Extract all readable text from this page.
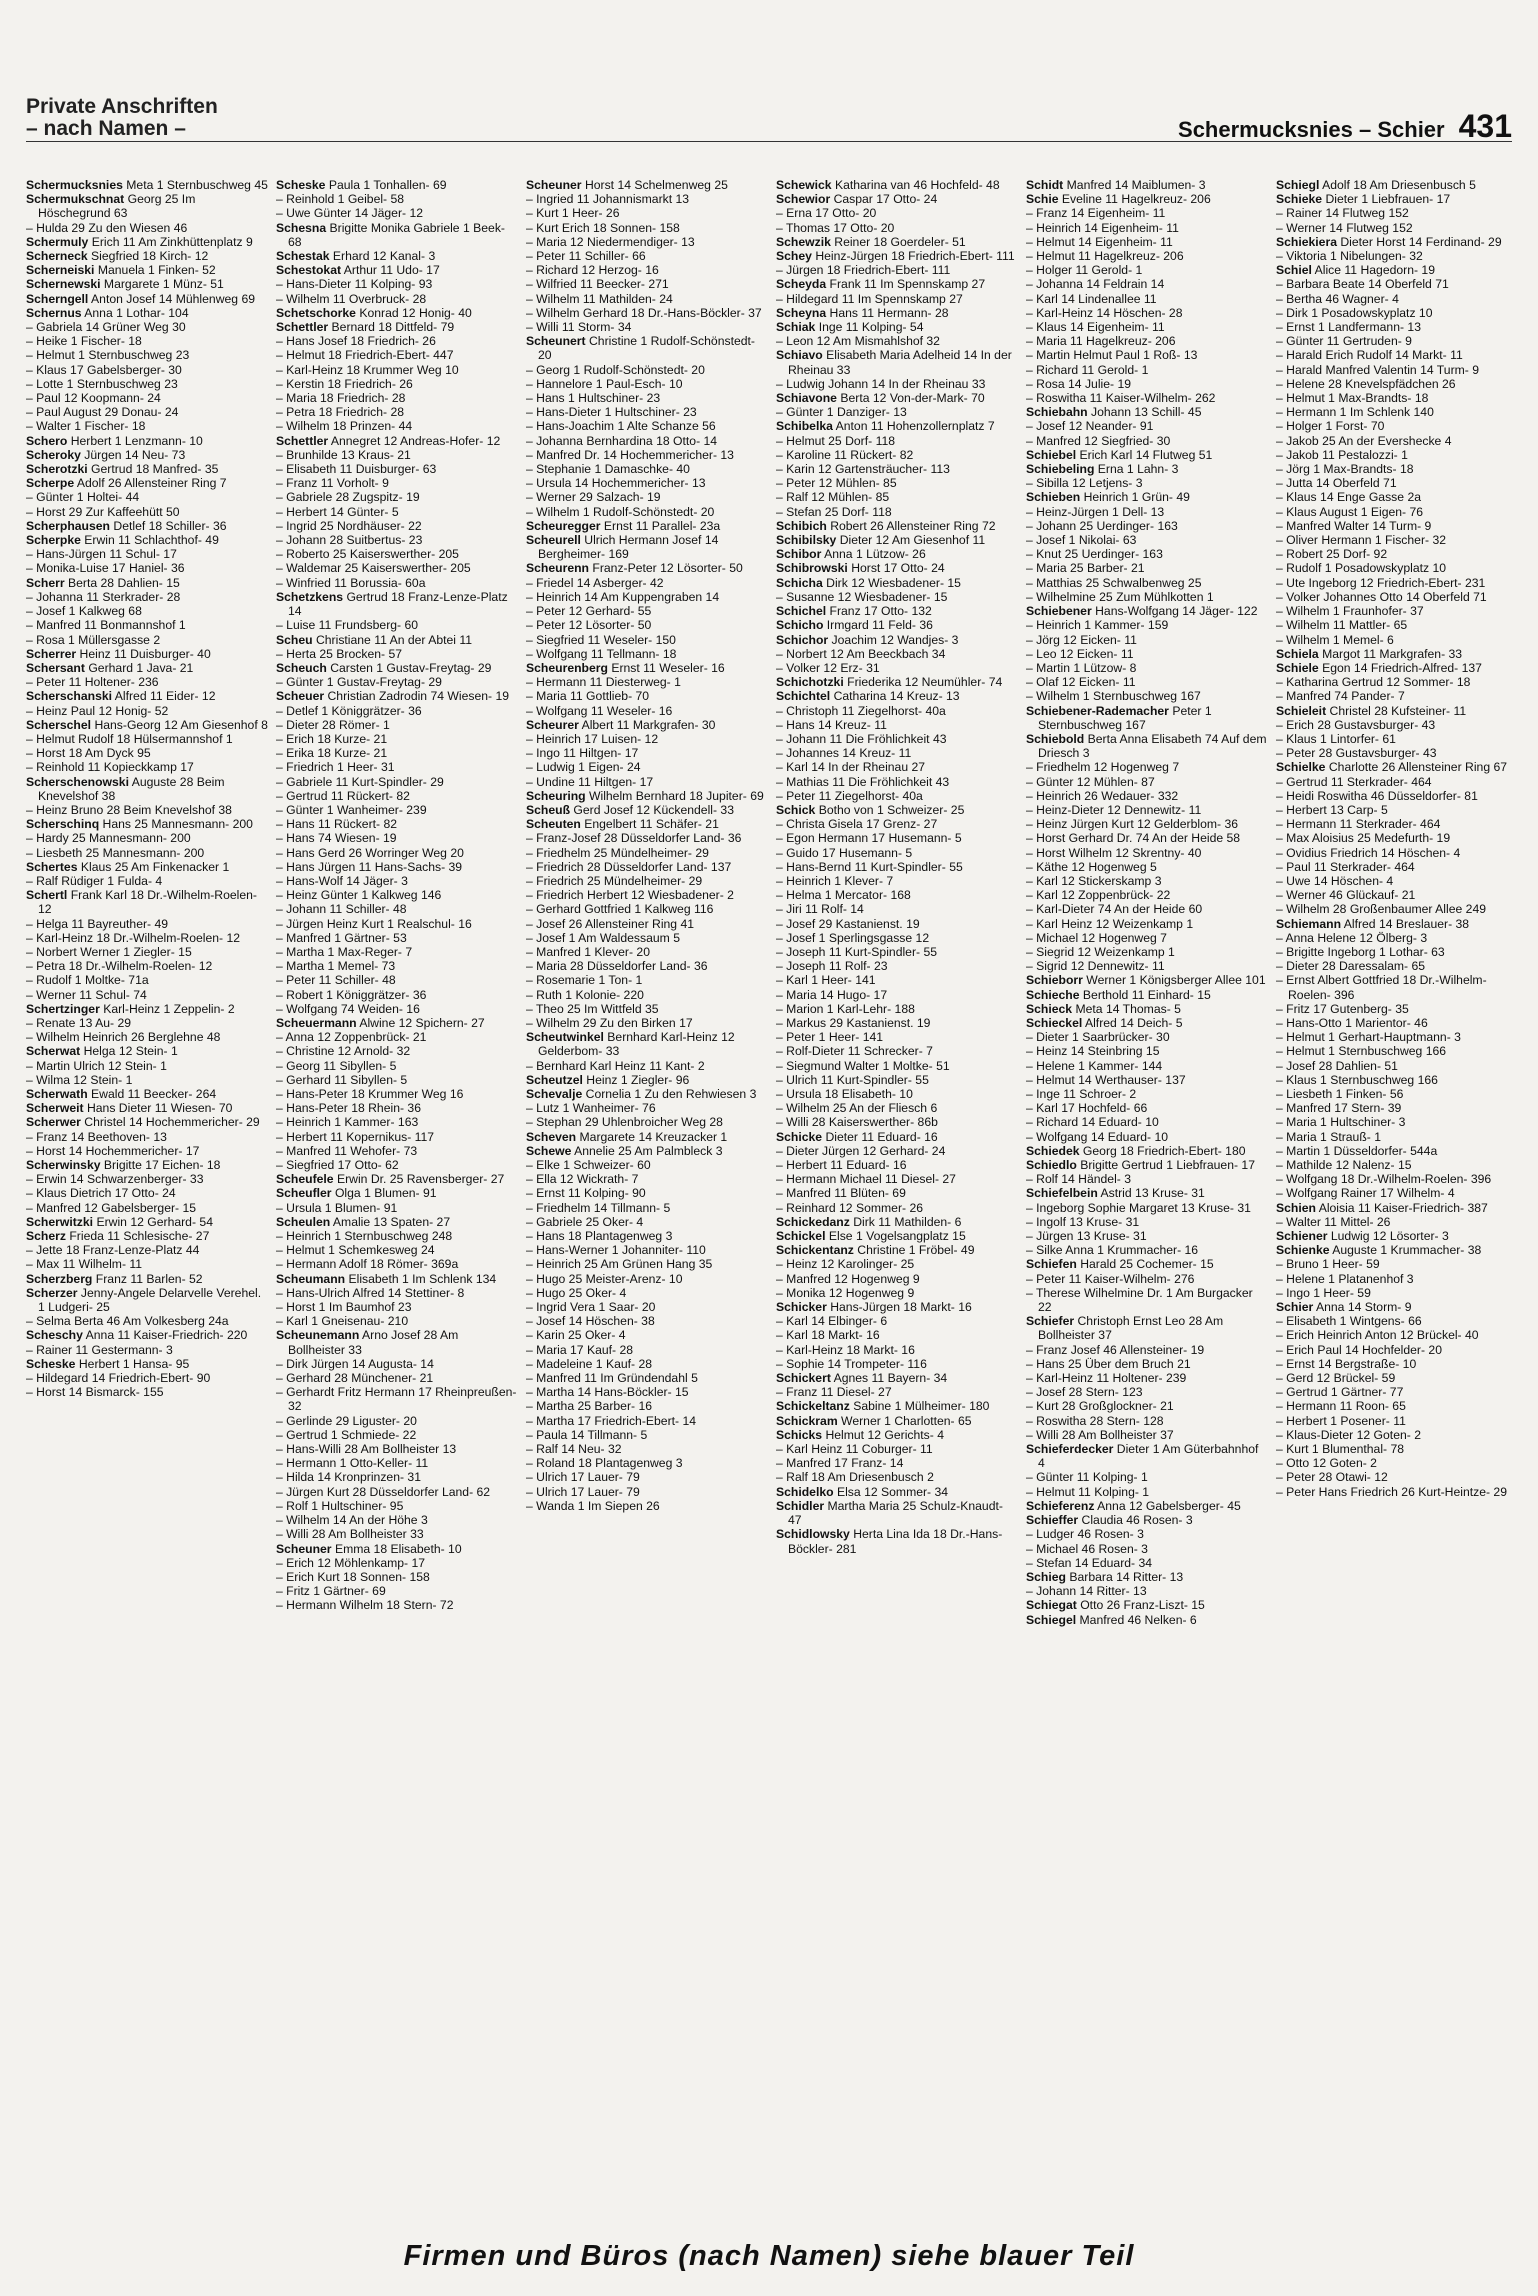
Private Anschriften
– nach Namen –	Schermucksnies – Schier 431

Schermucksnies Meta 1 Sternbuschweg 45

Schermukschnat Georg 25 Im Höschegrund 63

– Hulda 29 Zu den Wiesen 46

Schermuly Erich 11 Am Zinkhüttenplatz 9

Scherneck Siegfried 18 Kirch- 12

Scherneiski Manuela 1 Finken- 52

Schernewski Margarete 1 Münz- 51

Scherngell Anton Josef 14 Mühlenweg 69

Schernus Anna 1 Lothar- 104

– Gabriela 14 Grüner Weg 30

– Heike 1 Fischer- 18

– Helmut 1 Sternbuschweg 23

– Klaus 17 Gabelsberger- 30

– Lotte 1 Sternbuschweg 23

– Paul 12 Koopmann- 24

– Paul August 29 Donau- 24

– Walter 1 Fischer- 18

Schero Herbert 1 Lenzmann- 10

Scheroky Jürgen 14 Neu- 73

Scherotzki Gertrud 18 Manfred- 35

Scherpe Adolf 26 Allensteiner Ring 7

– Günter 1 Holtei- 44

– Horst 29 Zur Kaffeehütt 50

Scherphausen Detlef 18 Schiller- 36

Scherpke Erwin 11 Schlachthof- 49

– Hans-Jürgen 11 Schul- 17

– Monika-Luise 17 Haniel- 36

Scherr Berta 28 Dahlien- 15

– Johanna 11 Sterkrader- 28

– Josef 1 Kalkweg 68

– Manfred 11 Bonmannshof 1

– Rosa 1 Müllersgasse 2

Scherrer Heinz 11 Duisburger- 40

Schersant Gerhard 1 Java- 21

– Peter 11 Holtener- 236

Scherschanski Alfred 11 Eider- 12

– Heinz Paul 12 Honig- 52

Scherschel Hans-Georg 12 Am Giesenhof 8

– Helmut Rudolf 18 Hülsermannshof 1

– Horst 18 Am Dyck 95

– Reinhold 11 Kopieckkamp 17

Scherschenowski Auguste 28 Beim Knevelshof 38

– Heinz Bruno 28 Beim Knevelshof 38

Scherschinq Hans 25 Mannesmann- 200

– Hardy 25 Mannesmann- 200

– Liesbeth 25 Mannesmann- 200

Schertes Klaus 25 Am Finkenacker 1

– Ralf Rüdiger 1 Fulda- 4

Schertl Frank Karl 18 Dr.-Wilhelm-Roelen- 12

– Helga 11 Bayreuther- 49

– Karl-Heinz 18 Dr.-Wilhelm-Roelen- 12

– Norbert Werner 1 Ziegler- 15

– Petra 18 Dr.-Wilhelm-Roelen- 12

– Rudolf 1 Moltke- 71a

– Werner 11 Schul- 74

Schertzinger Karl-Heinz 1 Zeppelin- 2

– Renate 13 Au- 29

– Wilhelm Heinrich 26 Berglehne 48

Scherwat Helga 12 Stein- 1

– Martin Ulrich 12 Stein- 1

– Wilma 12 Stein- 1

Scherwath Ewald 11 Beecker- 264

Scherweit Hans Dieter 11 Wiesen- 70

Scherwer Christel 14 Hochemmericher- 29

– Franz 14 Beethoven- 13

– Horst 14 Hochemmericher- 17

Scherwinsky Brigitte 17 Eichen- 18

– Erwin 14 Schwarzenberger- 33

– Klaus Dietrich 17 Otto- 24

– Manfred 12 Gabelsberger- 15

Scherwitzki Erwin 12 Gerhard- 54

Scherz Frieda 11 Schlesische- 27

– Jette 18 Franz-Lenze-Platz 44

– Max 11 Wilhelm- 11

Scherzberg Franz 11 Barlen- 52

Scherzer Jenny-Angele Delarvelle Verehel. 1 Ludgeri- 25

– Selma Berta 46 Am Volkesberg 24a

Scheschy Anna 11 Kaiser-Friedrich- 220

– Rainer 11 Gestermann- 3

Scheske Herbert 1 Hansa- 95

– Hildegard 14 Friedrich-Ebert- 90

– Horst 14 Bismarck- 155

Scheske Paula 1 Tonhallen- 69

– Reinhold 1 Geibel- 58

– Uwe Günter 14 Jäger- 12

Schesna Brigitte Monika Gabriele 1 Beek- 68

Schestak Erhard 12 Kanal- 3

Schestokat Arthur 11 Udo- 17

– Hans-Dieter 11 Kolping- 93

– Wilhelm 11 Overbruck- 28

Schetschorke Konrad 12 Honig- 40

Schettler Bernard 18 Dittfeld- 79

– Hans Josef 18 Friedrich- 26

– Helmut 18 Friedrich-Ebert- 447

– Karl-Heinz 18 Krummer Weg 10

– Kerstin 18 Friedrich- 26

– Maria 18 Friedrich- 28

– Petra 18 Friedrich- 28

– Wilhelm 18 Prinzen- 44

Schettler Annegret 12 Andreas-Hofer- 12

– Brunhilde 13 Kraus- 21

– Elisabeth 11 Duisburger- 63

– Franz 11 Vorholt- 9

– Gabriele 28 Zugspitz- 19

– Herbert 14 Günter- 5

– Ingrid 25 Nordhäuser- 22

– Johann 28 Suitbertus- 23

– Roberto 25 Kaiserswerther- 205

– Waldemar 25 Kaiserswerther- 205

– Winfried 11 Borussia- 60a

Schetzkens Gertrud 18 Franz-Lenze-Platz 14

– Luise 11 Frundsberg- 60

Scheu Christiane 11 An der Abtei 11

– Herta 25 Brocken- 57

Scheuch Carsten 1 Gustav-Freytag- 29

– Günter 1 Gustav-Freytag- 29

Scheuer Christian Zadrodin 74 Wiesen- 19

– Detlef 1 Königgrätzer- 36

– Dieter 28 Römer- 1

– Erich 18 Kurze- 21

– Erika 18 Kurze- 21

– Friedrich 1 Heer- 31

– Gabriele 11 Kurt-Spindler- 29

– Gertrud 11 Rückert- 82

– Günter 1 Wanheimer- 239

– Hans 11 Rückert- 82

– Hans 74 Wiesen- 19

– Hans Gerd 26 Worringer Weg 20

– Hans Jürgen 11 Hans-Sachs- 39

– Hans-Wolf 14 Jäger- 3

– Heinz Günter 1 Kalkweg 146

– Johann 11 Schiller- 48

– Jürgen Heinz Kurt 1 Realschul- 16

– Manfred 1 Gärtner- 53

– Martha 1 Max-Reger- 7

– Martha 1 Memel- 73

– Peter 11 Schiller- 48

– Robert 1 Königgrätzer- 36

– Wolfgang 74 Weiden- 16

Scheuermann Alwine 12 Spichern- 27

– Anna 12 Zoppenbrück- 21

– Christine 12 Arnold- 32

– Georg 11 Sibyllen- 5

– Gerhard 11 Sibyllen- 5

– Hans-Peter 18 Krummer Weg 16

– Hans-Peter 18 Rhein- 36

– Heinrich 1 Kammer- 163

– Herbert 11 Kopernikus- 117

– Manfred 11 Wehofer- 73

– Siegfried 17 Otto- 62

Scheufele Erwin Dr. 25 Ravensberger- 27

Scheufler Olga 1 Blumen- 91

– Ursula 1 Blumen- 91

Scheulen Amalie 13 Spaten- 27

– Heinrich 1 Sternbuschweg 248

– Helmut 1 Schemkesweg 24

– Hermann Adolf 18 Römer- 369a

Scheumann Elisabeth 1 Im Schlenk 134

– Hans-Ulrich Alfred 14 Stettiner- 8

– Horst 1 Im Baumhof 23

– Karl 1 Gneisenau- 210

Scheunemann Arno Josef 28 Am Bollheister 33

– Dirk Jürgen 14 Augusta- 14

– Gerhard 28 Münchener- 21

– Gerhardt Fritz Hermann 17 Rheinpreußen- 32

– Gerlinde 29 Liguster- 20

– Gertrud 1 Schmiede- 22

– Hans-Willi 28 Am Bollheister 13

– Hermann 1 Otto-Keller- 11

– Hilda 14 Kronprinzen- 31

– Jürgen Kurt 28 Düsseldorfer Land- 62

– Rolf 1 Hultschiner- 95

– Wilhelm 14 An der Höhe 3

– Willi 28 Am Bollheister 33

Scheuner Emma 18 Elisabeth- 10

– Erich 12 Möhlenkamp- 17

– Erich Kurt 18 Sonnen- 158

– Fritz 1 Gärtner- 69

– Hermann Wilhelm 18 Stern- 72

Scheuner Horst 14 Schelmenweg 25

– Ingried 11 Johannismarkt 13

– Kurt 1 Heer- 26

– Kurt Erich 18 Sonnen- 158

– Maria 12 Niedermendiger- 13

– Peter 11 Schiller- 66

– Richard 12 Herzog- 16

– Wilfried 11 Beecker- 271

– Wilhelm 11 Mathilden- 24

– Wilhelm Gerhard 18 Dr.-Hans-Böckler- 37

– Willi 11 Storm- 34

Scheunert Christine 1 Rudolf-Schönstedt- 20

– Georg 1 Rudolf-Schönstedt- 20

– Hannelore 1 Paul-Esch- 10

– Hans 1 Hultschiner- 23

– Hans-Dieter 1 Hultschiner- 23

– Hans-Joachim 1 Alte Schanze 56

– Johanna Bernhardina 18 Otto- 14

– Manfred Dr. 14 Hochemmericher- 13

– Stephanie 1 Damaschke- 40

– Ursula 14 Hochemmericher- 13

– Werner 29 Salzach- 19

– Wilhelm 1 Rudolf-Schönstedt- 20

Scheuregger Ernst 11 Parallel- 23a

Scheurell Ulrich Hermann Josef 14 Bergheimer- 169

Scheurenn Franz-Peter 12 Lösorter- 50

– Friedel 14 Asberger- 42

– Heinrich 14 Am Kuppengraben 14

– Peter 12 Gerhard- 55

– Peter 12 Lösorter- 50

– Siegfried 11 Weseler- 150

– Wolfgang 11 Tellmann- 18

Scheurenberg Ernst 11 Weseler- 16

– Hermann 11 Diesterweg- 1

– Maria 11 Gottlieb- 70

– Wolfgang 11 Weseler- 16

Scheurer Albert 11 Markgrafen- 30

– Heinrich 17 Luisen- 12

– Ingo 11 Hiltgen- 17

– Ludwig 1 Eigen- 24

– Undine 11 Hiltgen- 17

Scheuring Wilhelm Bernhard 18 Jupiter- 69

Scheuß Gerd Josef 12 Kückendell- 33

Scheuten Engelbert 11 Schäfer- 21

– Franz-Josef 28 Düsseldorfer Land- 36

– Friedhelm 25 Mündelheimer- 29

– Friedrich 28 Düsseldorfer Land- 137

– Friedrich 25 Mündelheimer- 29

– Friedrich Herbert 12 Wiesbadener- 2

– Gerhard Gottfried 1 Kalkweg 116

– Josef 26 Allensteiner Ring 41

– Josef 1 Am Waldessaum 5

– Manfred 1 Klever- 20

– Maria 28 Düsseldorfer Land- 36

– Rosemarie 1 Ton- 1

– Ruth 1 Kolonie- 220

– Theo 25 Im Wittfeld 35

– Wilhelm 29 Zu den Birken 17

Scheutwinkel Bernhard Karl-Heinz 12 Gelderbom- 33

– Bernhard Karl Heinz 11 Kant- 2

Scheutzel Heinz 1 Ziegler- 96

Schevalje Cornelia 1 Zu den Rehwiesen 3

– Lutz 1 Wanheimer- 76

– Stephan 29 Uhlenbroicher Weg 28

Scheven Margarete 14 Kreuzacker 1

Schewe Annelie 25 Am Palmbleck 3

– Elke 1 Schweizer- 60

– Ella 12 Wickrath- 7

– Ernst 11 Kolping- 90

– Friedhelm 14 Tillmann- 5

– Gabriele 25 Oker- 4

– Hans 18 Plantagenweg 3

– Hans-Werner 1 Johanniter- 110

– Heinrich 25 Am Grünen Hang 35

– Hugo 25 Meister-Arenz- 10

– Hugo 25 Oker- 4

– Ingrid Vera 1 Saar- 20

– Josef 14 Höschen- 38

– Karin 25 Oker- 4

– Maria 17 Kauf- 28

– Madeleine 1 Kauf- 28

– Manfred 11 Im Gründendahl 5

– Martha 14 Hans-Böckler- 15

– Martha 25 Barber- 16

– Martha 17 Friedrich-Ebert- 14

– Paula 14 Tillmann- 5

– Ralf 14 Neu- 32

– Roland 18 Plantagenweg 3

– Ulrich 17 Lauer- 79

– Ulrich 17 Lauer- 79

– Wanda 1 Im Siepen 26

Schewick Katharina van 46 Hochfeld- 48

Schewior Caspar 17 Otto- 24

– Erna 17 Otto- 20

– Thomas 17 Otto- 20

Schewzik Reiner 18 Goerdeler- 51

Schey Heinz-Jürgen 18 Friedrich-Ebert- 111

– Jürgen 18 Friedrich-Ebert- 111

Scheyda Frank 11 Im Spennskamp 27

– Hildegard 11 Im Spennskamp 27

Scheyna Hans 11 Hermann- 28

Schiak Inge 11 Kolping- 54

– Leon 12 Am Mismahlshof 32

Schiavo Elisabeth Maria Adelheid 14 In der Rheinau 33

– Ludwig Johann 14 In der Rheinau 33

Schiavone Berta 12 Von-der-Mark- 70

– Günter 1 Danziger- 13

Schibelka Anton 11 Hohenzollernplatz 7

– Helmut 25 Dorf- 118

– Karoline 11 Rückert- 82

– Karin 12 Gartensträucher- 113

– Peter 12 Mühlen- 85

– Ralf 12 Mühlen- 85

– Stefan 25 Dorf- 118

Schibich Robert 26 Allensteiner Ring 72

Schibilsky Dieter 12 Am Giesenhof 11

Schibor Anna 1 Lützow- 26

Schibrowski Horst 17 Otto- 24

Schicha Dirk 12 Wiesbadener- 15

– Susanne 12 Wiesbadener- 15

Schichel Franz 17 Otto- 132

Schicho Irmgard 11 Feld- 36

Schichor Joachim 12 Wandjes- 3

– Norbert 12 Am Beeckbach 34

– Volker 12 Erz- 31

Schichotzki Friederika 12 Neumühler- 74

Schichtel Catharina 14 Kreuz- 13

– Christoph 11 Ziegelhorst- 40a

– Hans 14 Kreuz- 11

– Johann 11 Die Fröhlichkeit 43

– Johannes 14 Kreuz- 11

– Karl 14 In der Rheinau 27

– Mathias 11 Die Fröhlichkeit 43

– Peter 11 Ziegelhorst- 40a

Schick Botho von 1 Schweizer- 25

– Christa Gisela 17 Grenz- 27

– Egon Hermann 17 Husemann- 5

– Guido 17 Husemann- 5

– Hans-Bernd 11 Kurt-Spindler- 55

– Heinrich 1 Klever- 7

– Helma 1 Mercator- 168

– Jiri 11 Rolf- 14

– Josef 29 Kastanienst. 19

– Josef 1 Sperlingsgasse 12

– Joseph 11 Kurt-Spindler- 55

– Joseph 11 Rolf- 23

– Karl 1 Heer- 141

– Maria 14 Hugo- 17

– Marion 1 Karl-Lehr- 188

– Markus 29 Kastanienst. 19

– Peter 1 Heer- 141

– Rolf-Dieter 11 Schrecker- 7

– Siegmund Walter 1 Moltke- 51

– Ulrich 11 Kurt-Spindler- 55

– Ursula 18 Elisabeth- 10

– Wilhelm 25 An der Fliesch 6

– Willi 28 Kaiserswerther- 86b

Schicke Dieter 11 Eduard- 16

– Dieter Jürgen 12 Gerhard- 24

– Herbert 11 Eduard- 16

– Hermann Michael 11 Diesel- 27

– Manfred 11 Blüten- 69

– Reinhard 12 Sommer- 26

Schickedanz Dirk 11 Mathilden- 6

Schickel Else 1 Vogelsangplatz 15

Schickentanz Christine 1 Fröbel- 49

– Heinz 12 Karolinger- 25

– Manfred 12 Hogenweg 9

– Monika 12 Hogenweg 9

Schicker Hans-Jürgen 18 Markt- 16

– Karl 14 Elbinger- 6

– Karl 18 Markt- 16

– Karl-Heinz 18 Markt- 16

– Sophie 14 Trompeter- 116

Schickert Agnes 11 Bayern- 34

– Franz 11 Diesel- 27

Schickeltanz Sabine 1 Mülheimer- 180

Schickram Werner 1 Charlotten- 65

Schicks Helmut 12 Gerichts- 4

– Karl Heinz 11 Coburger- 11

– Manfred 17 Franz- 14

– Ralf 18 Am Driesenbusch 2

Schidelko Elsa 12 Sommer- 34

Schidler Martha Maria 25 Schulz-Knaudt- 47

Schidlowsky Herta Lina Ida 18 Dr.-Hans-Böckler- 281

Schidt Manfred 14 Maiblumen- 3

Schie Eveline 11 Hagelkreuz- 206

– Franz 14 Eigenheim- 11

– Heinrich 14 Eigenheim- 11

– Helmut 14 Eigenheim- 11

– Helmut 11 Hagelkreuz- 206

– Holger 11 Gerold- 1

– Johanna 14 Feldrain 14

– Karl 14 Lindenallee 11

– Karl-Heinz 14 Höschen- 28

– Klaus 14 Eigenheim- 11

– Maria 11 Hagelkreuz- 206

– Martin Helmut Paul 1 Roß- 13

– Richard 11 Gerold- 1

– Rosa 14 Julie- 19

– Roswitha 11 Kaiser-Wilhelm- 262

Schiebahn Johann 13 Schill- 45

– Josef 12 Neander- 91

– Manfred 12 Siegfried- 30

Schiebel Erich Karl 14 Flutweg 51

Schiebeling Erna 1 Lahn- 3

– Sibilla 12 Letjens- 3

Schieben Heinrich 1 Grün- 49

– Heinz-Jürgen 1 Dell- 13

– Johann 25 Uerdinger- 163

– Josef 1 Nikolai- 63

– Knut 25 Uerdinger- 163

– Maria 25 Barber- 21

– Matthias 25 Schwalbenweg 25

– Wilhelmine 25 Zum Mühlkotten 1

Schiebener Hans-Wolfgang 14 Jäger- 122

– Heinrich 1 Kammer- 159

– Jörg 12 Eicken- 11

– Leo 12 Eicken- 11

– Martin 1 Lützow- 8

– Olaf 12 Eicken- 11

– Wilhelm 1 Sternbuschweg 167

Schiebener-Rademacher Peter 1 Sternbuschweg 167

Schiebold Berta Anna Elisabeth 74 Auf dem Driesch 3

– Friedhelm 12 Hogenweg 7

– Günter 12 Mühlen- 87

– Heinrich 26 Wedauer- 332

– Heinz-Dieter 12 Dennewitz- 11

– Heinz Jürgen Kurt 12 Gelderblom- 36

– Horst Gerhard Dr. 74 An der Heide 58

– Horst Wilhelm 12 Skrentny- 40

– Käthe 12 Hogenweg 5

– Karl 12 Stickerskamp 3

– Karl 12 Zoppenbrück- 22

– Karl-Dieter 74 An der Heide 60

– Karl Heinz 12 Weizenkamp 1

– Michael 12 Hogenweg 7

– Siegrid 12 Weizenkamp 1

– Sigrid 12 Dennewitz- 11

Schieborr Werner 1 Königsberger Allee 101

Schieche Berthold 11 Einhard- 15

Schieck Meta 14 Thomas- 5

Schieckel Alfred 14 Deich- 5

– Dieter 1 Saarbrücker- 30

– Heinz 14 Steinbring 15

– Helene 1 Kammer- 144

– Helmut 14 Werthauser- 137

– Inge 11 Schroer- 2

– Karl 17 Hochfeld- 66

– Richard 14 Eduard- 10

– Wolfgang 14 Eduard- 10

Schiedek Georg 18 Friedrich-Ebert- 180

Schiedlo Brigitte Gertrud 1 Liebfrauen- 17

– Rolf 14 Händel- 3

Schiefelbein Astrid 13 Kruse- 31

– Ingeborg Sophie Margaret 13 Kruse- 31

– Ingolf 13 Kruse- 31

– Jürgen 13 Kruse- 31

– Silke Anna 1 Krummacher- 16

Schiefen Harald 25 Cochemer- 15

– Peter 11 Kaiser-Wilhelm- 276

– Therese Wilhelmine Dr. 1 Am Burgacker 22

Schiefer Christoph Ernst Leo 28 Am Bollheister 37

– Franz Josef 46 Allensteiner- 19

– Hans 25 Über dem Bruch 21

– Karl-Heinz 11 Holtener- 239

– Josef 28 Stern- 123

– Kurt 28 Großglockner- 21

– Roswitha 28 Stern- 128

– Willi 28 Am Bollheister 37

Schieferdecker Dieter 1 Am Güterbahnhof 4

– Günter 11 Kolping- 1

– Helmut 11 Kolping- 1

Schieferenz Anna 12 Gabelsberger- 45

Schieffer Claudia 46 Rosen- 3

– Ludger 46 Rosen- 3

– Michael 46 Rosen- 3

– Stefan 14 Eduard- 34

Schieg Barbara 14 Ritter- 13

– Johann 14 Ritter- 13

Schiegat Otto 26 Franz-Liszt- 15

Schiegel Manfred 46 Nelken- 6

Schiegl Adolf 18 Am Driesenbusch 5

Schieke Dieter 1 Liebfrauen- 17

– Rainer 14 Flutweg 152

– Werner 14 Flutweg 152

Schiekiera Dieter Horst 14 Ferdinand- 29

– Viktoria 1 Nibelungen- 32

Schiel Alice 11 Hagedorn- 19

– Barbara Beate 14 Oberfeld 71

– Bertha 46 Wagner- 4

– Dirk 1 Posadowskyplatz 10

– Ernst 1 Landfermann- 13

– Günter 11 Gertruden- 9

– Harald Erich Rudolf 14 Markt- 11

– Harald Manfred Valentin 14 Turm- 9

– Helene 28 Knevelspfädchen 26

– Helmut 1 Max-Brandts- 18

– Hermann 1 Im Schlenk 140

– Holger 1 Forst- 70

– Jakob 25 An der Evershecke 4

– Jakob 11 Pestalozzi- 1

– Jörg 1 Max-Brandts- 18

– Jutta 14 Oberfeld 71

– Klaus 14 Enge Gasse 2a

– Klaus August 1 Eigen- 76

– Manfred Walter 14 Turm- 9

– Oliver Hermann 1 Fischer- 32

– Robert 25 Dorf- 92

– Rudolf 1 Posadowskyplatz 10

– Ute Ingeborg 12 Friedrich-Ebert- 231

– Volker Johannes Otto 14 Oberfeld 71

– Wilhelm 1 Fraunhofer- 37

– Wilhelm 11 Mattler- 65

– Wilhelm 1 Memel- 6

Schiela Margot 11 Markgrafen- 33

Schiele Egon 14 Friedrich-Alfred- 137

– Katharina Gertrud 12 Sommer- 18

– Manfred 74 Pander- 7

Schieleit Christel 28 Kufsteiner- 11

– Erich 28 Gustavsburger- 43

– Klaus 1 Lintorfer- 61

– Peter 28 Gustavsburger- 43

Schielke Charlotte 26 Allensteiner Ring 67

– Gertrud 11 Sterkrader- 464

– Heidi Roswitha 46 Düsseldorfer- 81

– Herbert 13 Carp- 5

– Hermann 11 Sterkrader- 464

– Max Aloisius 25 Medefurth- 19

– Ovidius Friedrich 14 Höschen- 4

– Paul 11 Sterkrader- 464

– Uwe 14 Höschen- 4

– Werner 46 Glückauf- 21

– Wilhelm 28 Großenbaumer Allee 249

Schiemann Alfred 14 Breslauer- 38

– Anna Helene 12 Ölberg- 3

– Brigitte Ingeborg 1 Lothar- 63

– Dieter 28 Daressalam- 65

– Ernst Albert Gottfried 18 Dr.-Wilhelm-Roelen- 396

– Fritz 17 Gutenberg- 35

– Hans-Otto 1 Marientor- 46

– Helmut 1 Gerhart-Hauptmann- 3

– Helmut 1 Sternbuschweg 166

– Josef 28 Dahlien- 51

– Klaus 1 Sternbuschweg 166

– Liesbeth 1 Finken- 56

– Manfred 17 Stern- 39

– Maria 1 Hultschiner- 3

– Maria 1 Strauß- 1

– Martin 1 Düsseldorfer- 544a

– Mathilde 12 Nalenz- 15

– Wolfgang 18 Dr.-Wilhelm-Roelen- 396

– Wolfgang Rainer 17 Wilhelm- 4

Schien Aloisia 11 Kaiser-Friedrich- 387

– Walter 11 Mittel- 26

Schiener Ludwig 12 Lösorter- 3

Schienke Auguste 1 Krummacher- 38

– Bruno 1 Heer- 59

– Helene 1 Platanenhof 3

– Ingo 1 Heer- 59

Schier Anna 14 Storm- 9

– Elisabeth 1 Wintgens- 66

– Erich Heinrich Anton 12 Brückel- 40

– Erich Paul 14 Hochfelder- 20

– Ernst 14 Bergstraße- 10

– Gerd 12 Brückel- 59

– Gertrud 1 Gärtner- 77

– Hermann 11 Roon- 65

– Herbert 1 Posener- 11

– Klaus-Dieter 12 Goten- 2

– Kurt 1 Blumenthal- 78

– Otto 12 Goten- 2

– Peter 28 Otawi- 12

– Peter Hans Friedrich 26 Kurt-Heintze- 29

Firmen und Büros (nach Namen) siehe blauer Teil
